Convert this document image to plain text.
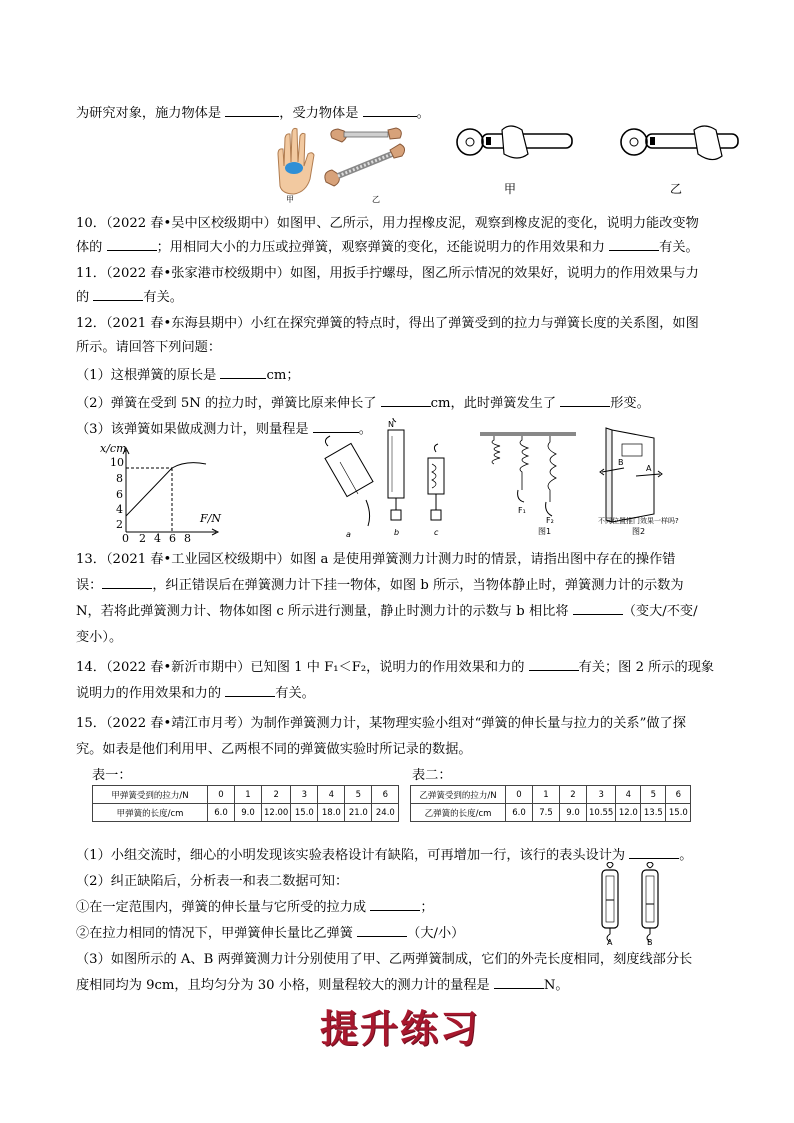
为研究对象，施力物体是	，受力物体是	。
甲	乙
甲	乙
10．（2022 春•吴中区校级期中）如图甲、乙所示，用力捏橡皮泥，观察到橡皮泥的变化，说明力能改变物
体的	；用相同大小的力压或拉弹簧，观察弹簧的变化，还能说明力的作用效果和力	有关。
11．（2022 春•张家港市校级期中）如图，用扳手拧螺母，图乙所示情况的效果好，说明力的作用效果与力
的	有关。
12．（2021 春•东海县期中）小红在探究弹簧的特点时，得出了弹簧受到的拉力与弹簧长度的关系图，如图
所示。请回答下列问题：
（1）这根弹簧的原长是	cm；
（2）弹簧在受到 5N 的拉力时，弹簧比原来伸长了	cm，此时弹簧发生了	形变。
（3）该弹簧如果做成测力计，则量程是	。
x/cm
10
8
6
4
2	F/N
0 2 4 6 8
N
a	b	c
F₁
F₂
图1
B
A
不同位置推门效果一样吗?
图2
13．（2021 春•工业园区校级期中）如图 a 是使用弹簧测力计测力时的情景，请指出图中存在的操作错
误：	，纠正错误后在弹簧测力计下挂一物体，如图 b 所示，当物体静止时，弹簧测力计的示数为
N，若将此弹簧测力计、物体如图 c 所示进行测量，静止时测力计的示数与 b 相比将	（变大/不变/
变小）。
14．（2022 春•新沂市期中）已知图 1 中 F₁＜F₂，说明力的作用效果和力的	有关；图 2 所示的现象
说明力的作用效果和力的	有关。
15．（2022 春•靖江市月考）为制作弹簧测力计，某物理实验小组对“弹簧的伸长量与拉力的关系”做了探
究。如表是他们利用甲、乙两根不同的弹簧做实验时所记录的数据。
表一：	表二：
甲弹簧受到的拉力/N	0	1	2	3	4	5	6
甲弹簧的长度/cm	6.0	9.0	12.00	15.0	18.0	21.0	24.0
乙弹簧受到的拉力/N	0	1	2	3	4	5	6
乙弹簧的长度/cm	6.0	7.5	9.0	10.55	12.0	13.5	15.0
（1）小组交流时，细心的小明发现该实验表格设计有缺陷，可再增加一行，该行的表头设计为	。
（2）纠正缺陷后，分析表一和表二数据可知：
①在一定范围内，弹簧的伸长量与它所受的拉力成	；
②在拉力相同的情况下，甲弹簧伸长量比乙弹簧	（大/小）
（3）如图所示的 A、B 两弹簧测力计分别使用了甲、乙两弹簧制成，它们的外壳长度相同，刻度线部分长
度相同均为 9cm，且均匀分为 30 小格，则量程较大的测力计的量程是	N。
A	B
提升练习
